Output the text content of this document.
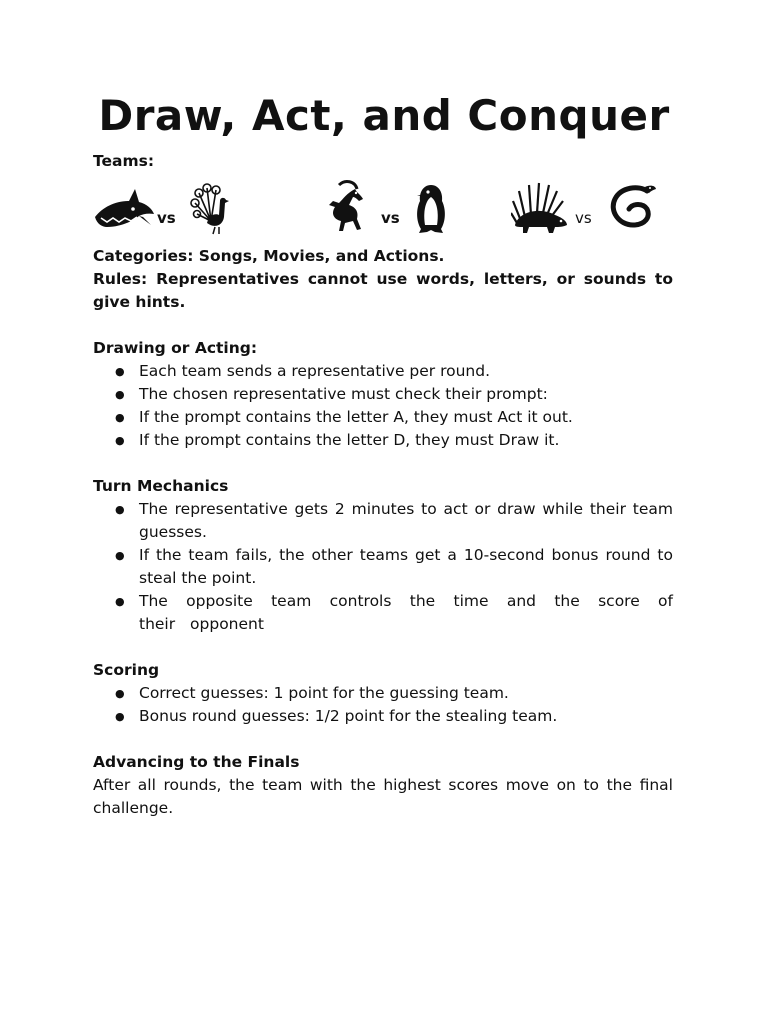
Draw, Act, and Conquer

Teams:

vs	vs	vs

Categories: Songs, Movies, and Actions.

Rules: Representatives cannot use words, letters, or sounds to give hints.

Drawing or Acting:

● Each team sends a representative per round.
● The chosen representative must check their prompt:
● If the prompt contains the letter A, they must Act it out.
● If the prompt contains the letter D, they must Draw it.

Turn Mechanics

● The representative gets 2 minutes to act or draw while their team guesses.
● If the team fails, the other teams get a 10-second bonus round to steal the point.
● The opposite team controls the time and the score of their opponent

Scoring

● Correct guesses: 1 point for the guessing team.
● Bonus round guesses: 1/2 point for the stealing team.

Advancing to the Finals

After all rounds, the team with the highest scores move on to the final challenge.
